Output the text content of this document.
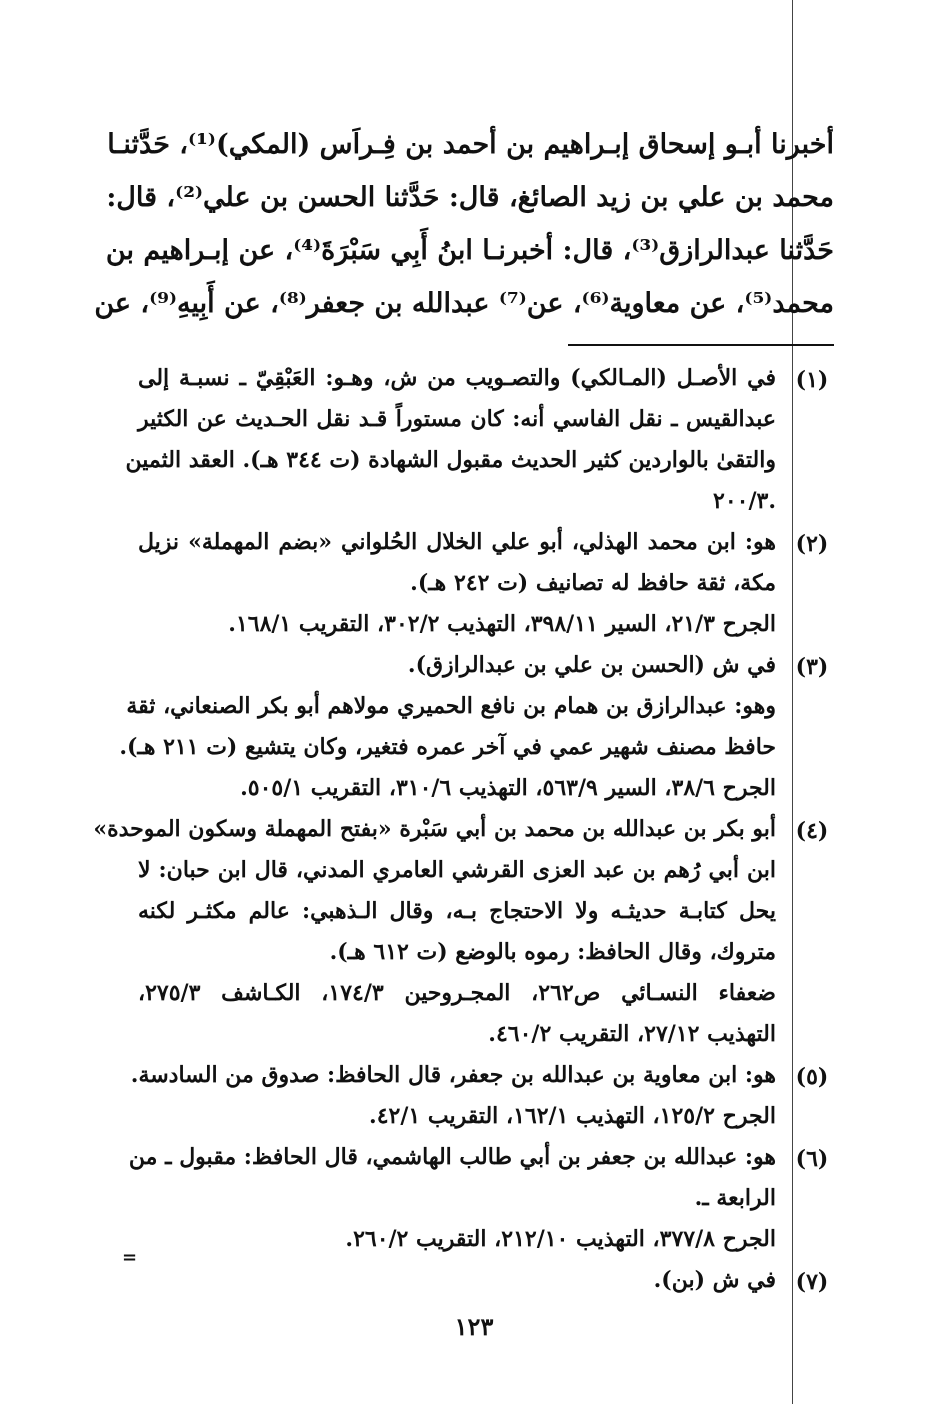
أخبرنا أبـو إسحاق إبـراهيم بن أحمد بن فِـراَس (المكي)⁽¹⁾، حَدَّثنـا
محمد بن علي بن زيد الصائغ، قال: حَدَّثنا الحسن بن علي⁽²⁾، قال:
حَدَّثنا عبدالرازق⁽³⁾، قال: أخبرنـا ابنُ أَبِي سَبْرَةَ⁽⁴⁾، عن إبـراهيم بن
محمد⁽⁵⁾، عن معاوية⁽⁶⁾، عن⁽⁷⁾ عبدالله بن جعفر⁽⁸⁾، عن أَبِيهِ⁽⁹⁾، عن
(١)
في الأصـل (المـالكي) والتصـويب من ش، وهـو: العَبْقِيّ ـ نسبـة إلى
عبدالقيس ـ نقل الفاسي أنه: كان مستوراً قـد نقل الحـديث عن الكثير
والتقىٰ بالواردين كثير الحديث مقبول الشهادة (ت ٣٤٤ هـ). العقد الثمين
.٢٠٠/٣
(٢)
هو: ابن محمد الهذلي، أبو علي الخلال الحُلواني «بضم المهملة» نزيل
مكة، ثقة حافظ له تصانيف (ت ٢٤٢ هـ).
الجرح ٢١/٣، السير ٣٩٨/١١، التهذيب ٣٠٢/٢، التقريب ١٦٨/١.
(٣)
في ش (الحسن بن علي بن عبدالرازق).
وهو: عبدالرازق بن همام بن نافع الحميري مولاهم أبو بكر الصنعاني، ثقة
حافظ مصنف شهير عمي في آخر عمره فتغير، وكان يتشيع (ت ٢١١ هـ).
الجرح ٣٨/٦، السير ٥٦٣/٩، التهذيب ٣١٠/٦، التقريب ٥٠٥/١.
(٤)
أبو بكر بن عبدالله بن محمد بن أبي سَبْرة «بفتح المهملة وسكون الموحدة»
ابن أبي رُهم بن عبد العزى القرشي العامري المدني، قال ابن حبان: لا
يحل كتابـة حديثـه ولا الاحتجاج بـه، وقال الـذهبي: عالم مكثـر لكنه
متروك، وقال الحافظ: رموه بالوضع (ت ٦١٢ هـ).
ضعفاء النسـائي ص٢٦٢، المجـروحين ١٧٤/٣، الكـاشف ٢٧٥/٣،
التهذيب ٢٧/١٢، التقريب ٤٦٠/٢.
(٥)
هو: ابن معاوية بن عبدالله بن جعفر، قال الحافظ: صدوق من السادسة.
الجرح ١٢٥/٢، التهذيب ١٦٢/١، التقريب ٤٢/١.
(٦)
هو: عبدالله بن جعفر بن أبي طالب الهاشمي، قال الحافظ: مقبول ـ من
الرابعة ـ.
الجرح ٣٧٧/٨، التهذيب ٢١٢/١٠، التقريب ٢٦٠/٢.
(٧)
في ش (بن).
=
١٢٣
